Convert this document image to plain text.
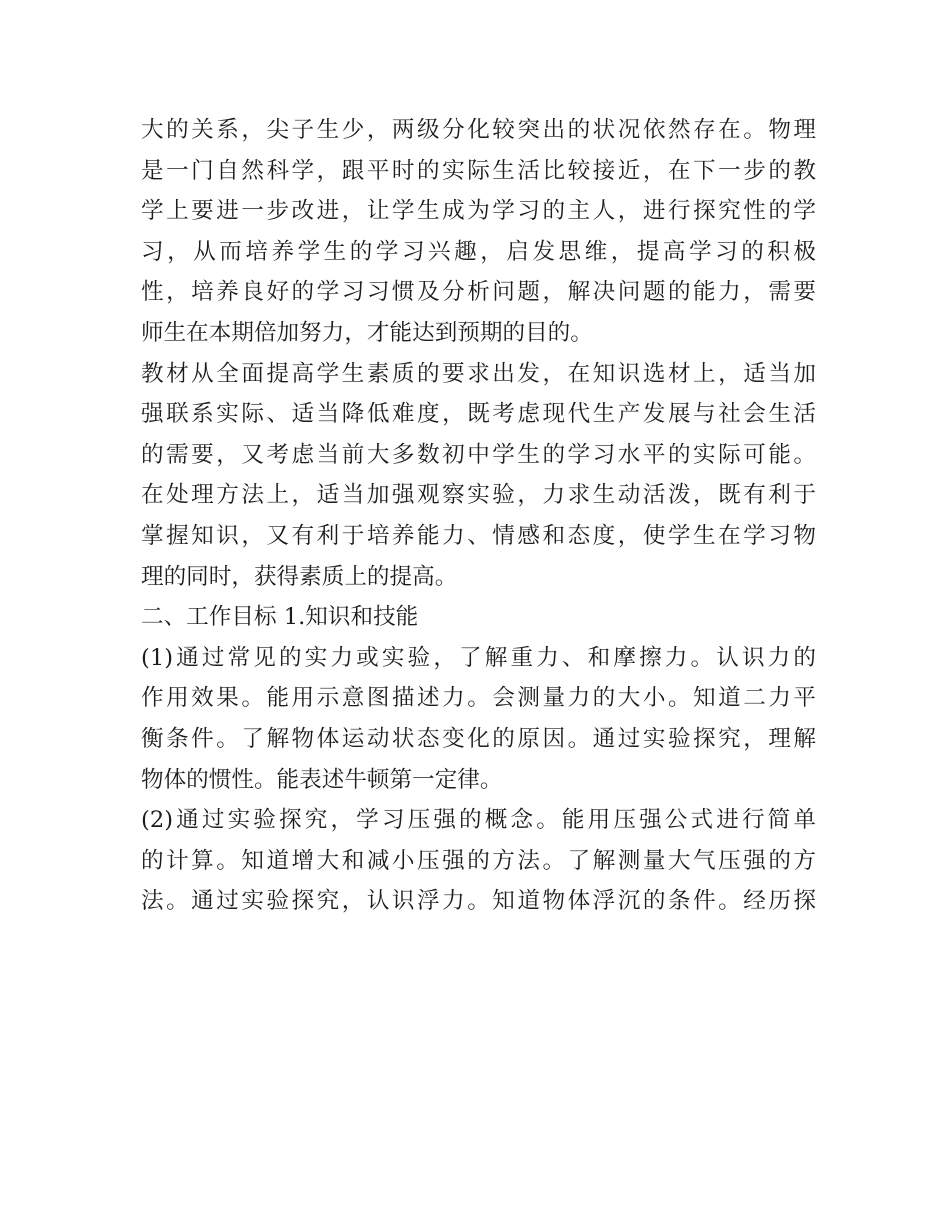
大的关系，尖子生少，两级分化较突出的状况依然存在。物理
是一门自然科学，跟平时的实际生活比较接近，在下一步的教
学上要进一步改进，让学生成为学习的主人，进行探究性的学
习，从而培养学生的学习兴趣，启发思维，提高学习的积极
性，培养良好的学习习惯及分析问题，解决问题的能力，需要
师生在本期倍加努力，才能达到预期的目的。
教材从全面提高学生素质的要求出发，在知识选材上，适当加
强联系实际、适当降低难度，既考虑现代生产发展与社会生活
的需要，又考虑当前大多数初中学生的学习水平的实际可能。
在处理方法上，适当加强观察实验，力求生动活泼，既有利于
掌握知识，又有利于培养能力、情感和态度，使学生在学习物
理的同时，获得素质上的提高。
二、工作目标 1.知识和技能
(1)通过常见的实力或实验，了解重力、和摩擦力。认识力的
作用效果。能用示意图描述力。会测量力的大小。知道二力平
衡条件。了解物体运动状态变化的原因。通过实验探究，理解
物体的惯性。能表述牛顿第一定律。
(2)通过实验探究，学习压强的概念。能用压强公式进行简单
的计算。知道增大和减小压强的方法。了解测量大气压强的方
法。通过实验探究，认识浮力。知道物体浮沉的条件。经历探
